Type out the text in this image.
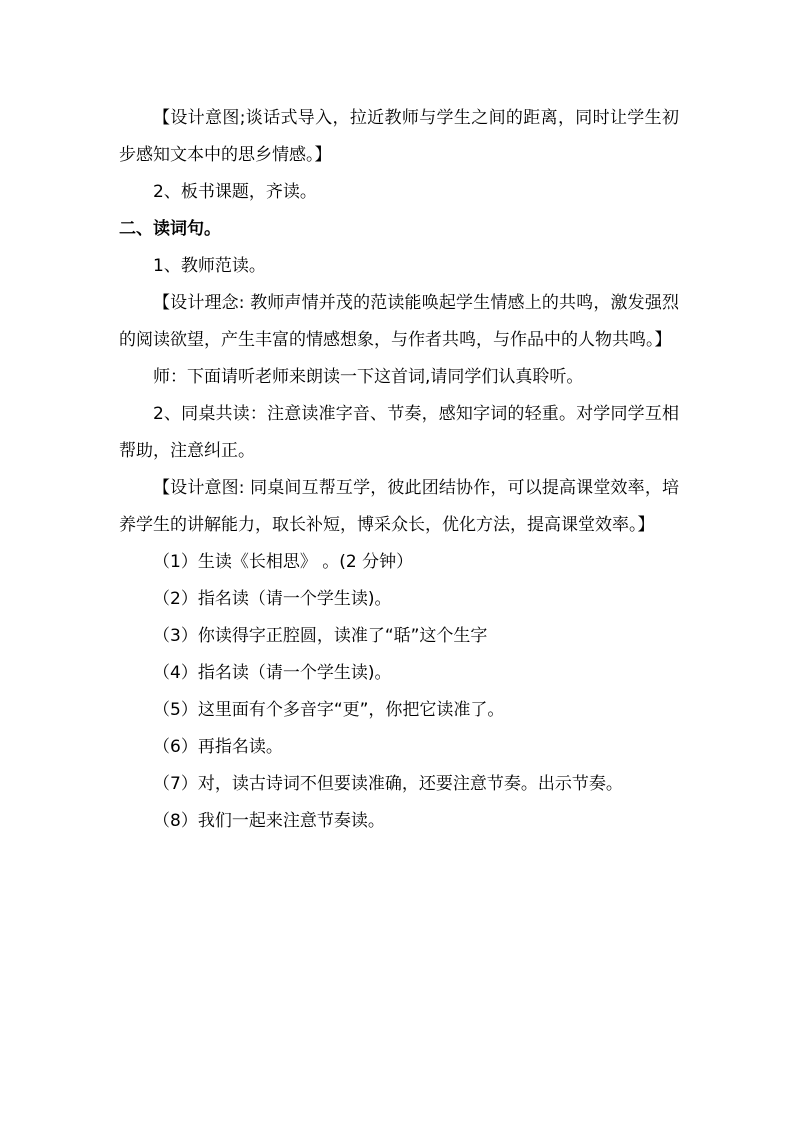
【设计意图;谈话式导入，拉近教师与学生之间的距离，同时让学生初步感知文本中的思乡情感。】

2、板书课题，齐读。

二、读词句。

1、教师范读。

【设计理念: 教师声情并茂的范读能唤起学生情感上的共鸣，激发强烈的阅读欲望，产生丰富的情感想象，与作者共鸣，与作品中的人物共鸣。】

师：下面请听老师来朗读一下这首词,请同学们认真聆听。

2、同桌共读：注意读准字音、节奏，感知字词的轻重。对学同学互相帮助，注意纠正。

【设计意图: 同桌间互帮互学，彼此团结协作，可以提高课堂效率，培养学生的讲解能力，取长补短，博采众长，优化方法，提高课堂效率。】

（1）生读《长相思》 。(2 分钟）

（2）指名读（请一个学生读)。

（3）你读得字正腔圆，读准了“聒”这个生字

（4）指名读（请一个学生读)。

（5）这里面有个多音字“更”，你把它读准了。

（6）再指名读。

（7）对，读古诗词不但要读准确，还要注意节奏。出示节奏。

（8）我们一起来注意节奏读。
